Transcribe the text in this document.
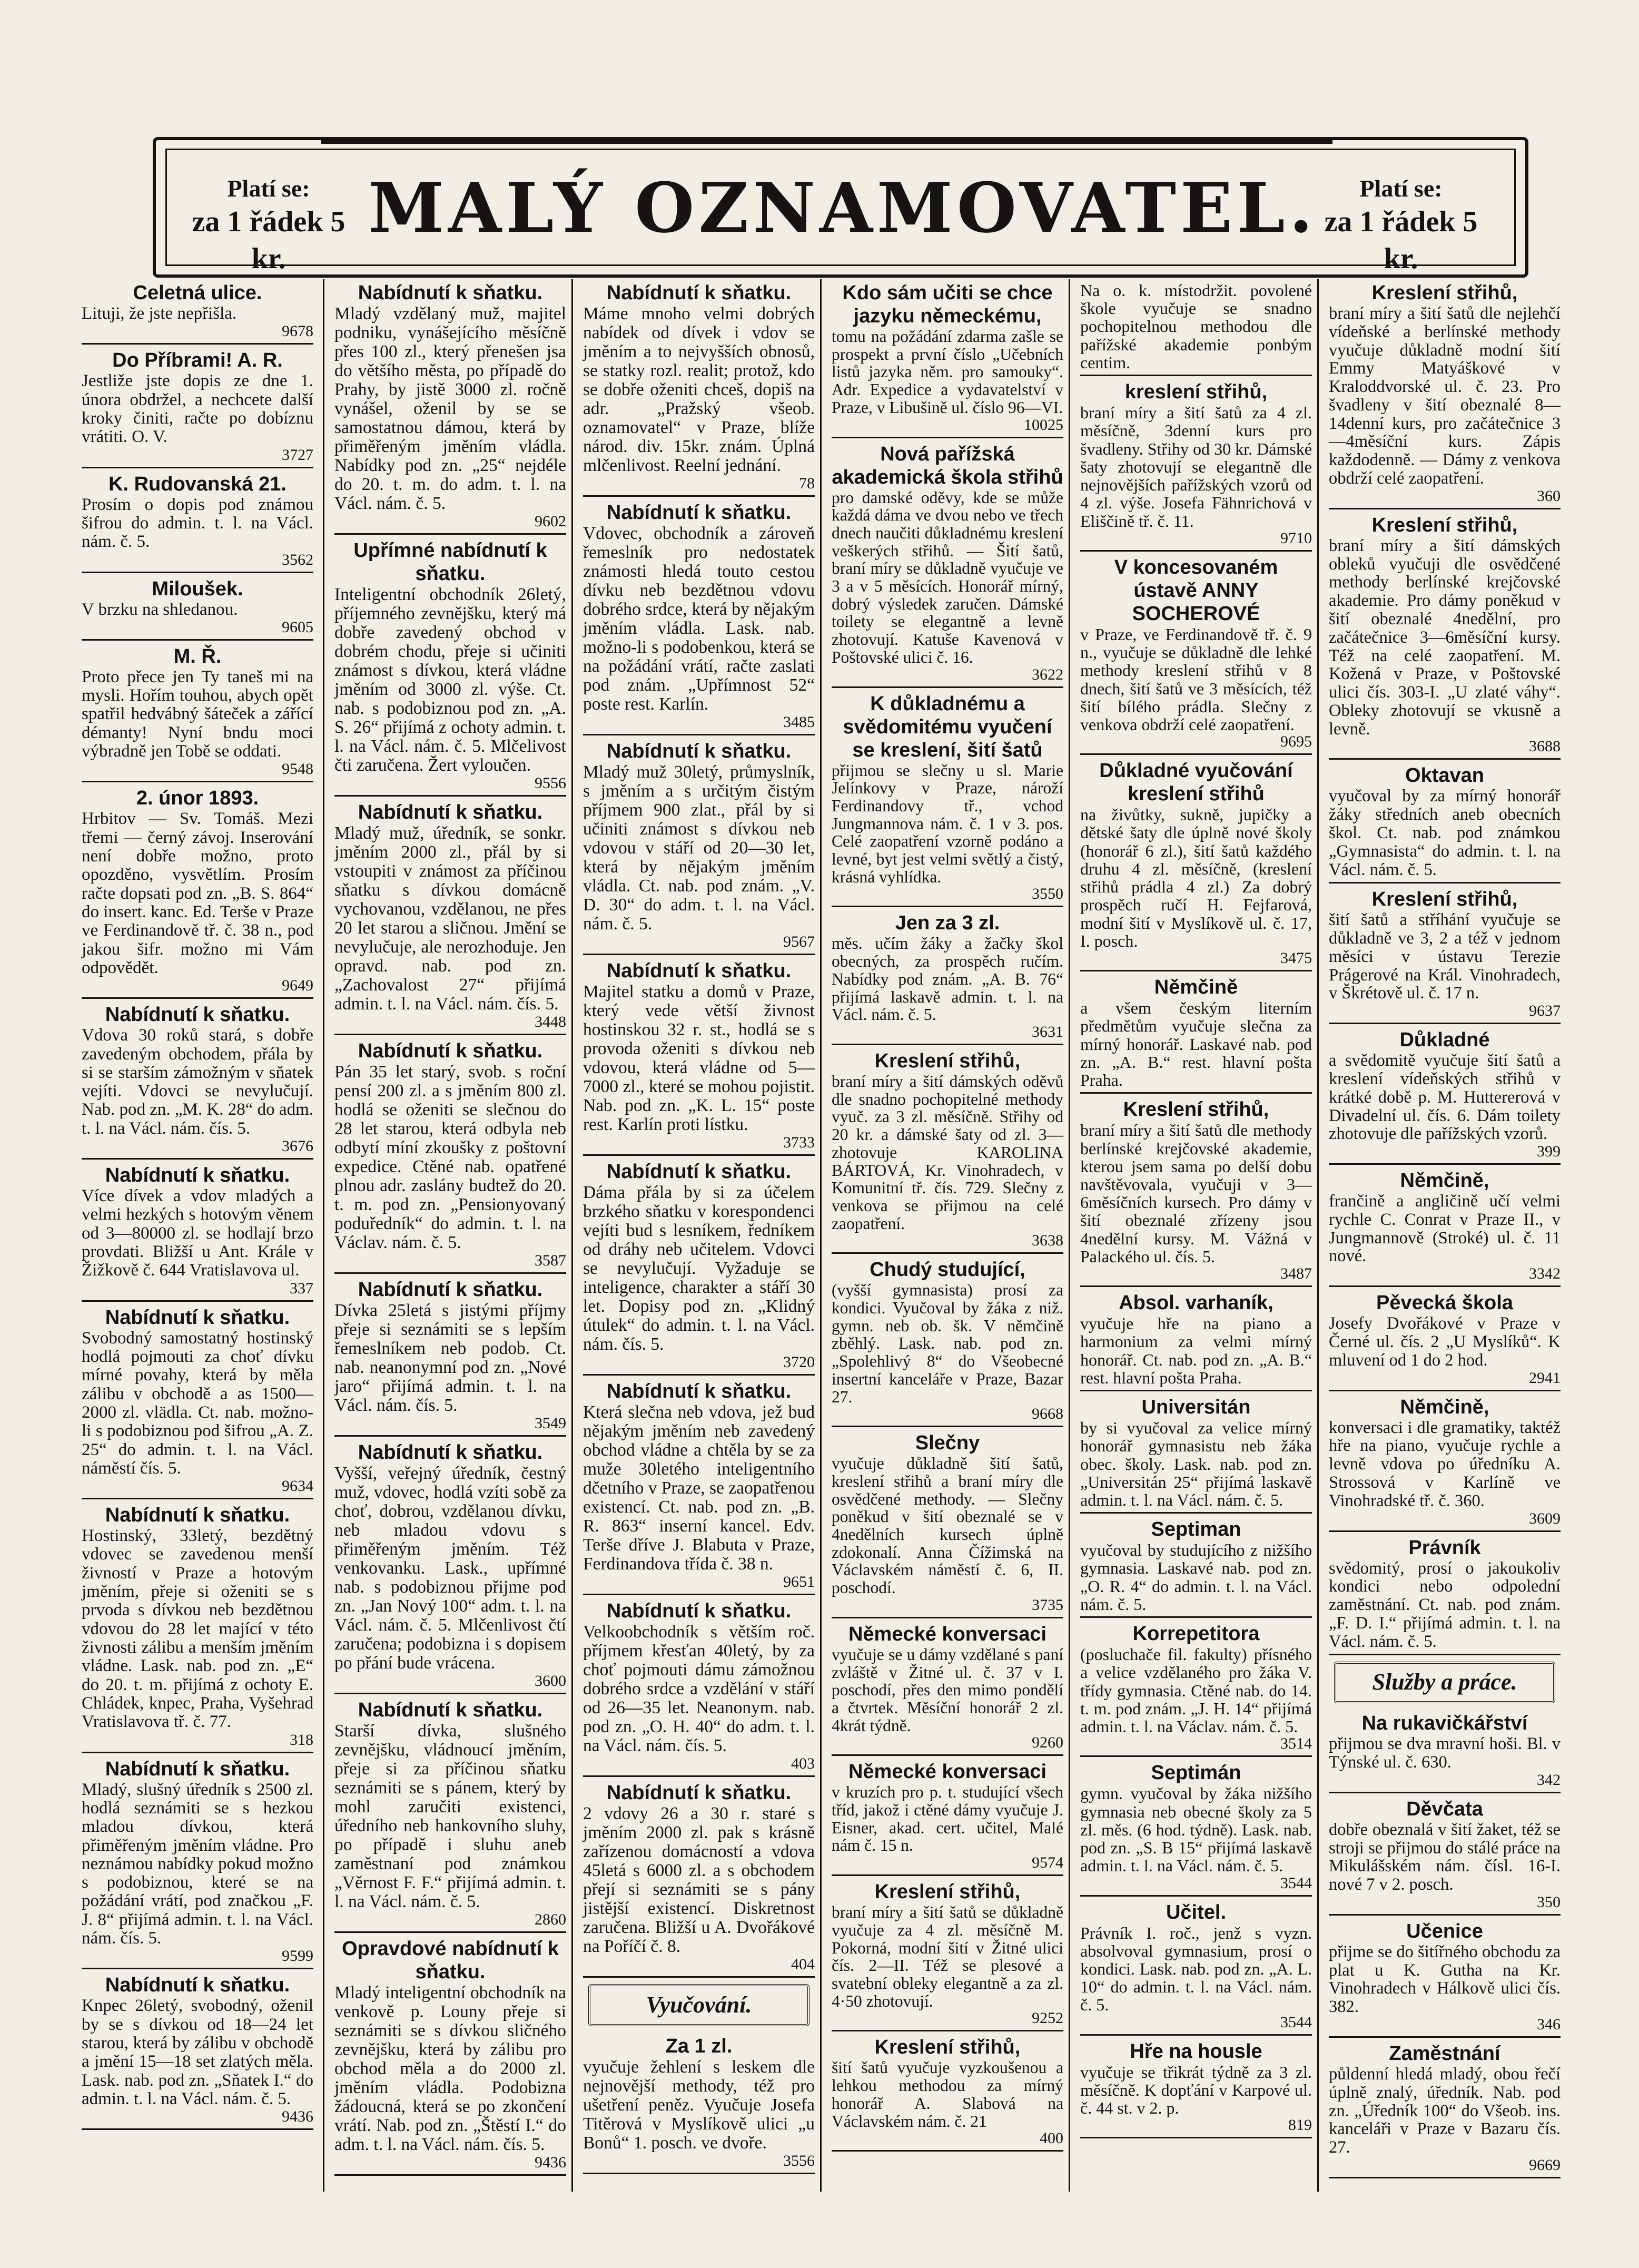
Platí se:
za 1 řádek 5 kr.
MALÝ OZNAMOVATEL.	Platí se:
za 1 řádek 5 kr.
Celetná ulice.
Lituji, že jste nepřišla.
9678
Do Příbrami! A. R.
Jestliže jste dopis ze dne 1. února obdržel, a nechcete další kroky činiti, račte po dobíznu vrátiti. O. V.
3727
K. Rudovanská 21.
Prosím o dopis pod známou šifrou do admin. t. l. na Václ. nám. č. 5.
3562
Miloušek.
V brzku na shledanou.
9605
M. Ř.
Proto přece jen Ty taneš mi na mysli. Hořím touhou, abych opět spatřil hedvábný šáteček a zářící démanty! Nyní bndu moci výbradně jen Tobě se oddati.
9548
2. únor 1893.
Hrbitov — Sv. Tomáš. Mezi třemi — černý závoj. Inserování není dobře možno, proto opozděno, vysvětlím. Prosím račte dopsati pod zn. „B. S. 864“ do insert. kanc. Ed. Terše v Praze ve Ferdinandově tř. č. 38 n., pod jakou šifr. možno mi Vám odpovědět.
9649
Nabídnutí k sňatku.
Vdova 30 roků stará, s dobře zavedeným obchodem, přála by si se starším zámožným v sňatek vejíti. Vdovci se nevylučují. Nab. pod zn. „M. K. 28“ do adm. t. l. na Václ. nám. čís. 5.
3676
Nabídnutí k sňatku.
Více dívek a vdov mladých a velmi hezkých s hotovým věnem od 3—80000 zl. se hodlají brzo provdati. Bližší u Ant. Krále v Žižkově č. 644 Vratislavova ul.
337
Nabídnutí k sňatku.
Svobodný samostatný hostinský hodlá pojmouti za choť dívku mírné povahy, která by měla zálibu v obchodě a as 1500—2000 zl. vlädla. Ct. nab. možno-li s podobiznou pod šifrou „A. Z. 25“ do admin. t. l. na Václ. náměstí čís. 5.
9634
Nabídnutí k sňatku.
Hostinský, 33letý, bezdětný vdovec se zavedenou menší živností v Praze a hotovým jměním, přeje si oženiti se s prvoda s dívkou neb bezdětnou vdovou do 28 let mající v této živnosti zálibu a menším jměním vládne. Lask. nab. pod zn. „E“ do 20. t. m. přijímá z ochoty E. Chládek, knpec, Praha, Vyšehrad Vratislavova tř. č. 77.
318
Nabídnutí k sňatku.
Mladý, slušný úředník s 2500 zl. hodlá seznámiti se s hezkou mladou dívkou, která přiměřeným jměním vládne. Pro neznámou nabídky pokud možno s podobiznou, které se na požádání vrátí, pod značkou „F. J. 8“ přijímá admin. t. l. na Václ. nám. čís. 5.
9599
Nabídnutí k sňatku.
Knpec 26letý, svobodný, oženil by se s dívkou od 18—24 let starou, která by zálibu v obchodě a jmění 15—18 set zlatých měla. Lask. nab. pod zn. „Sňatek I.“ do admin. t. l. na Václ. nám. č. 5.
9436
Nabídnutí k sňatku.
Mladý vzdělaný muž, majitel podniku, vynášejícího měsíčně přes 100 zl., který přenešen jsa do většího města, po případě do Prahy, by jistě 3000 zl. ročně vynášel, oženil by se se samostatnou dámou, která by přiměřeným jměním vládla. Nabídky pod zn. „25“ nejdéle do 20. t. m. do adm. t. l. na Václ. nám. č. 5.
9602
Upřímné nabídnutí k sňatku.
Inteligentní obchodník 26letý, příjemného zevnějšku, který má dobře zavedený obchod v dobrém chodu, přeje si učiniti známost s dívkou, která vládne jměním od 3000 zl. výše. Ct. nab. s podobiznou pod zn. „A. S. 26“ přijímá z ochoty admin. t. l. na Václ. nám. č. 5. Mlčelivost čti zaručena. Žert vyloučen.
9556
Nabídnutí k sňatku.
Mladý muž, úředník, se sonkr. jměním 2000 zl., přál by si vstoupiti v známost za příčinou sňatku s dívkou domácně vychovanou, vzdělanou, ne přes 20 let starou a sličnou. Jmění se nevylučuje, ale nerozhoduje. Jen opravd. nab. pod zn. „Zachovalost 27“ přijímá admin. t. l. na Václ. nám. čís. 5.
3448
Nabídnutí k sňatku.
Pán 35 let starý, svob. s roční pensí 200 zl. a s jměním 800 zl. hodlá se oženiti se slečnou do 28 let starou, která odbyla neb odbytí míní zkoušky z poštovní expedice. Ctěné nab. opatřené plnou adr. zaslány budtež do 20. t. m. pod zn. „Pensionyovaný poduředník“ do admin. t. l. na Václav. nám. č. 5.
3587
Nabídnutí k sňatku.
Dívka 25letá s jistými příjmy přeje si seznámiti se s lepším řemeslníkem neb podob. Ct. nab. neanonymní pod zn. „Nové jaro“ přijímá admin. t. l. na Václ. nám. čís. 5.
3549
Nabídnutí k sňatku.
Vyšší, veřejný úředník, čestný muž, vdovec, hodlá vzíti sobě za choť, dobrou, vzdělanou dívku, neb mladou vdovu s přiměřeným jměním. Též venkovanku. Lask., upřímné nab. s podobiznou přijme pod zn. „Jan Nový 100“ adm. t. l. na Václ. nám. č. 5. Mlčenlivost čtí zaručena; podobizna i s dopisem po přání bude vrácena.
3600
Nabídnutí k sňatku.
Starší dívka, slušného zevnějšku, vládnoucí jměním, přeje si za příčinou sňatku seznámiti se s pánem, který by mohl zaručiti existenci, úředního neb hankovního sluhy, po případě i sluhu aneb zaměstnaní pod známkou „Věrnost F. F.“ přijímá admin. t. l. na Václ. nám. č. 5.
2860
Opravdové nabídnutí k sňatku.
Mladý inteligentní obchodník na venkově p. Louny přeje si seznámiti se s dívkou sličného zevnějšku, která by zálibu pro obchod měla a do 2000 zl. jměním vládla. Podobizna žádoucná, která se po zkončení vrátí. Nab. pod zn. „Štěstí I.“ do adm. t. l. na Václ. nám. čís. 5.
9436
Nabídnutí k sňatku.
Máme mnoho velmi dobrých nabídek od dívek i vdov se jměním a to nejvyšších obnosů, se statky rozl. realit; protož, kdo se dobře oženiti chceš, dopiš na adr. „Pražský všeob. oznamovatel“ v Praze, blíže národ. div. 15kr. znám. Úplná mlčenlivost. Reelní jednání.
78
Nabídnutí k sňatku.
Vdovec, obchodník a zároveň řemeslník pro nedostatek známosti hledá touto cestou dívku neb bezdětnou vdovu dobrého srdce, která by nějakým jměním vládla. Lask. nab. možno-li s podobenkou, která se na požádání vrátí, račte zaslati pod znám. „Upřímnost 52“ poste rest. Karlín.
3485
Nabídnutí k sňatku.
Mladý muž 30letý, průmyslník, s jměním a s určitým čistým příjmem 900 zlat., přál by si učiniti známost s dívkou neb vdovou v stáří od 20—30 let, která by nějakým jměním vládla. Ct. nab. pod znám. „V. D. 30“ do adm. t. l. na Václ. nám. č. 5.
9567
Nabídnutí k sňatku.
Majitel statku a domů v Praze, který vede větší živnost hostinskou 32 r. st., hodlá se s provoda oženiti s dívkou neb vdovou, která vládne od 5—7000 zl., které se mohou pojistit. Nab. pod zn. „K. L. 15“ poste rest. Karlín proti lístku.
3733
Nabídnutí k sňatku.
Dáma přála by si za účelem brzkého sňatku v korespondenci vejíti bud s lesníkem, ředníkem od dráhy neb učitelem. Vdovci se nevylučují. Vyžaduje se inteligence, charakter a stáří 30 let. Dopisy pod zn. „Klidný útulek“ do admin. t. l. na Václ. nám. čís. 5.
3720
Nabídnutí k sňatku.
Která slečna neb vdova, jež bud nějakým jměním neb zavedený obchod vládne a chtěla by se za muže 30letého inteligentního dčetního v Praze, se zaopatřenou existencí. Ct. nab. pod zn. „B. R. 863“ inserní kancel. Edv. Terše dříve J. Blabuta v Praze, Ferdinandova třída č. 38 n.
9651
Nabídnutí k sňatku.
Velkoobchodník s větším roč. příjmem křesťan 40letý, by za choť pojmouti dámu zámožnou dobrého srdce a vzdělání v stáří od 26—35 let. Neanonym. nab. pod zn. „O. H. 40“ do adm. t. l. na Václ. nám. čís. 5.
403
Nabídnutí k sňatku.
2 vdovy 26 a 30 r. staré s jměním 2000 zl. pak s krásně zařízenou domácností a vdova 45letá s 6000 zl. a s obchodem přejí si seznámiti se s pány jistější existencí. Diskretnost zaručena. Bližší u A. Dvořákové na Poříčí č. 8.
404
Vyučování.
Za 1 zl.
vyučuje žehlení s leskem dle nejnovější methody, též pro ušetření peněz. Vyučuje Josefa Titěrová v Myslíkově ulici „u Bonů“ 1. posch. ve dvoře.
3556
Kdo sám učiti se chce jazyku německému,
tomu na požádání zdarma zašle se prospekt a první číslo „Učebních listů jazyka něm. pro samouky“. Adr. Expedice a vydavatelství v Praze, v Libušině ul. číslo 96—VI.
10025
Nová pařížská akademická škola střihů
pro damské oděvy, kde se může každá dáma ve dvou nebo ve třech dnech naučiti důkladnému kreslení veškerých střihů. — Šití šatů, braní míry se důkladně vyučuje ve 3 a v 5 měsících. Honorář mírný, dobrý výsledek zaručen. Dámské toilety se elegantně a levně zhotovují. Katuše Kavenová v Poštovské ulici č. 16.
3622
K důkladnému a svědomitému vyučení se kreslení, šití šatů
přijmou se slečny u sl. Marie Jelínkovy v Praze, nároží Ferdinandovy tř., vchod Jungmannova nám. č. 1 v 3. pos. Celé zaopatření vzorně podáno a levné, byt jest velmi světlý a čistý, krásná vyhlídka.
3550
Jen za 3 zl.
měs. učím žáky a žačky škol obecných, za prospěch ručím. Nabídky pod znám. „A. B. 76“ přijímá laskavě admin. t. l. na Václ. nám. č. 5.
3631
Kreslení střihů,
braní míry a šití dámských oděvů dle snadno pochopitelné methody vyuč. za 3 zl. měsíčně. Střihy od 20 kr. a dámské šaty od zl. 3— zhotovuje KAROLINA BÁRTOVÁ, Kr. Vinohradech, v Komunitní tř. čís. 729. Slečny z venkova se přijmou na celé zaopatření.
3638
Chudý studující,
(vyšší gymnasista) prosí za kondici. Vyučoval by žáka z niž. gymn. neb ob. šk. V němčině zběhlý. Lask. nab. pod zn. „Spolehlivý 8“ do Všeobecné insertní kanceláře v Praze, Bazar 27.
9668
Slečny
vyučuje důkladně šití šatů, kreslení střihů a braní míry dle osvědčené methody. — Slečny poněkud v šití obeznalé se v 4nedělních kursech úplně zdokonalí. Anna Čížimská na Václavském náměstí č. 6, II. poschodí.
3735
Německé konversaci
vyučuje se u dámy vzdělané s paní zvláště v Žitné ul. č. 37 v I. poschodí, přes den mimo pondělí a čtvrtek. Měsíční honorář 2 zl. 4krát týdně.
9260
Německé konversaci
v kruzích pro p. t. studující všech tříd, jakož i ctěné dámy vyučuje J. Eisner, akad. cert. učitel, Malé nám č. 15 n.
9574
Kreslení střihů,
braní míry a šití šatů se důkladně vyučuje za 4 zl. měsíčně M. Pokorná, modní šití v Žitné ulici čís. 2—II. Též se plesové a svatební obleky elegantně a za zl. 4·50 zhotovují.
9252
Kreslení střihů,
šití šatů vyučuje vyzkoušenou a lehkou methodou za mírný honorář A. Slabová na Václavském nám. č. 21
400
Na o. k. místodržit. povolené škole vyučuje se snadno pochopitelnou methodou dle pařížské akademie ponbým centim.
kreslení střihů,
braní míry a šití šatů za 4 zl. měsíčně, 3denní kurs pro švadleny. Střihy od 30 kr. Dámské šaty zhotovují se elegantně dle nejnovějších pařížských vzorů od 4 zl. výše. Josefa Fähnrichová v Eliščině tř. č. 11.
9710
V koncesovaném ústavě ANNY SOCHEROVÉ
v Praze, ve Ferdinandově tř. č. 9 n., vyučuje se důkladně dle lehké methody kreslení střihů v 8 dnech, šití šatů ve 3 měsících, též šití bílého prádla. Slečny z venkova obdrží celé zaopatření.
9695
Důkladné vyučování kreslení střihů
na živůtky, sukně, jupičky a dětské šaty dle úplně nové školy (honorář 6 zl.), šití šatů každého druhu 4 zl. měsíčně, (kreslení střihů prádla 4 zl.) Za dobrý prospěch ručí H. Fejfarová, modní šití v Myslíkově ul. č. 17, I. posch.
3475
Němčině
a všem českým literním předmětům vyučuje slečna za mírný honorář. Laskavé nab. pod zn. „A. B.“ rest. hlavní pošta Praha.
Kreslení střihů,
braní míry a šití šatů dle methody berlínské krejčovské akademie, kterou jsem sama po delší dobu navštěvovala, vyučuji v 3—6měsíčních kursech. Pro dámy v šití obeznalé zřízeny jsou 4nedělní kursy. M. Vážná v Palackého ul. čís. 5.
3487
Absol. varhaník,
vyučuje hře na piano a harmonium za velmi mírný honorář. Ct. nab. pod zn. „A. B.“ rest. hlavní pošta Praha.
Universitán
by si vyučoval za velice mírný honorář gymnasistu neb žáka obec. školy. Lask. nab. pod zn. „Universitán 25“ přijímá laskavě admin. t. l. na Václ. nám. č. 5.
Septiman
vyučoval by studujícího z nižšího gymnasia. Laskavé nab. pod zn. „O. R. 4“ do admin. t. l. na Václ. nám. č. 5.
Korrepetitora
(posluchače fil. fakulty) přísného a velice vzdělaného pro žáka V. třídy gymnasia. Ctěné nab. do 14. t. m. pod znám. „J. H. 14“ přijímá admin. t. l. na Václav. nám. č. 5.
3514
Septimán
gymn. vyučoval by žáka nižšího gymnasia neb obecné školy za 5 zl. měs. (6 hod. týdně). Lask. nab. pod zn. „S. B 15“ přijímá laskavě admin. t. l. na Václ. nám. č. 5.
3544
Učitel.
Právník I. roč., jenž s vyzn. absolvoval gymnasium, prosí o kondici. Lask. nab. pod zn. „A. L. 10“ do admin. t. l. na Václ. nám. č. 5.
3544
Hře na housle
vyučuje se třikrát týdně za 3 zl. měsíčně. K dopťání v Karpové ul. č. 44 st. v 2. p.
819
Kreslení střihů,
braní míry a šití šatů dle nejlehčí vídeňské a berlínské methody vyučuje důkladně modní šití Emmy Matyáškové v Kraloddvorské ul. č. 23. Pro švadleny v šití obeznalé 8—14denní kurs, pro začátečnice 3—4měsíční kurs. Zápis každodenně. — Dámy z venkova obdrží celé zaopatření.
360
Kreslení střihů,
braní míry a šití dámských obleků vyučuji dle osvědčené methody berlínské krejčovské akademie. Pro dámy poněkud v šití obeznalé 4nedělní, pro začátečnice 3—6měsíční kursy. Též na celé zaopatření. M. Kožená v Praze, v Poštovské ulici čís. 303-I. „U zlaté váhy“. Obleky zhotovují se vkusně a levně.
3688
Oktavan
vyučoval by za mírný honorář žáky středních aneb obecních škol. Ct. nab. pod známkou „Gymnasista“ do admin. t. l. na Václ. nám. č. 5.
Kreslení střihů,
šití šatů a stříhání vyučuje se důkladně ve 3, 2 a též v jednom měsíci v ústavu Terezie Prágerové na Král. Vinohradech, v Škrétově ul. č. 17 n.
9637
Důkladné
a svědomitě vyučuje šití šatů a kreslení vídeňských střihů v krátké době p. M. Huttererová v Divadelní ul. čís. 6. Dám toilety zhotovuje dle pařížských vzorů.
399
Němčině,
frančině a angličině učí velmi rychle C. Conrat v Praze II., v Jungmannově (Stroké) ul. č. 11 nové.
3342
Pěvecká škola
Josefy Dvořákové v Praze v Černé ul. čís. 2 „U Myslíků“. K mluvení od 1 do 2 hod.
2941
Němčině,
konversaci i dle gramatiky, taktéž hře na piano, vyučuje rychle a levně vdova po úředníku A. Strossová v Karlíně ve Vinohradské tř. č. 360.
3609
Právník
svědomitý, prosí o jakoukoliv kondici nebo odpolední zaměstnání. Ct. nab. pod znám. „F. D. I.“ přijímá admin. t. l. na Václ. nám. č. 5.
Služby a práce.
Na rukavičkářství
přijmou se dva mravní hoši. Bl. v Týnské ul. č. 630.
342
Děvčata
dobře obeznalá v šití žaket, též se stroji se přijmou do stálé práce na Mikulášském nám. čísl. 16-I. nové 7 v 2. posch.
350
Učenice
přijme se do šitířného obchodu za plat u K. Gutha na Kr. Vinohradech v Hálkově ulici čís. 382.
346
Zaměstnání
půldenní hledá mladý, obou řečí úplně znalý, úředník. Nab. pod zn. „Úředník 100“ do Všeob. ins. kanceláři v Praze v Bazaru čís. 27.
9669
